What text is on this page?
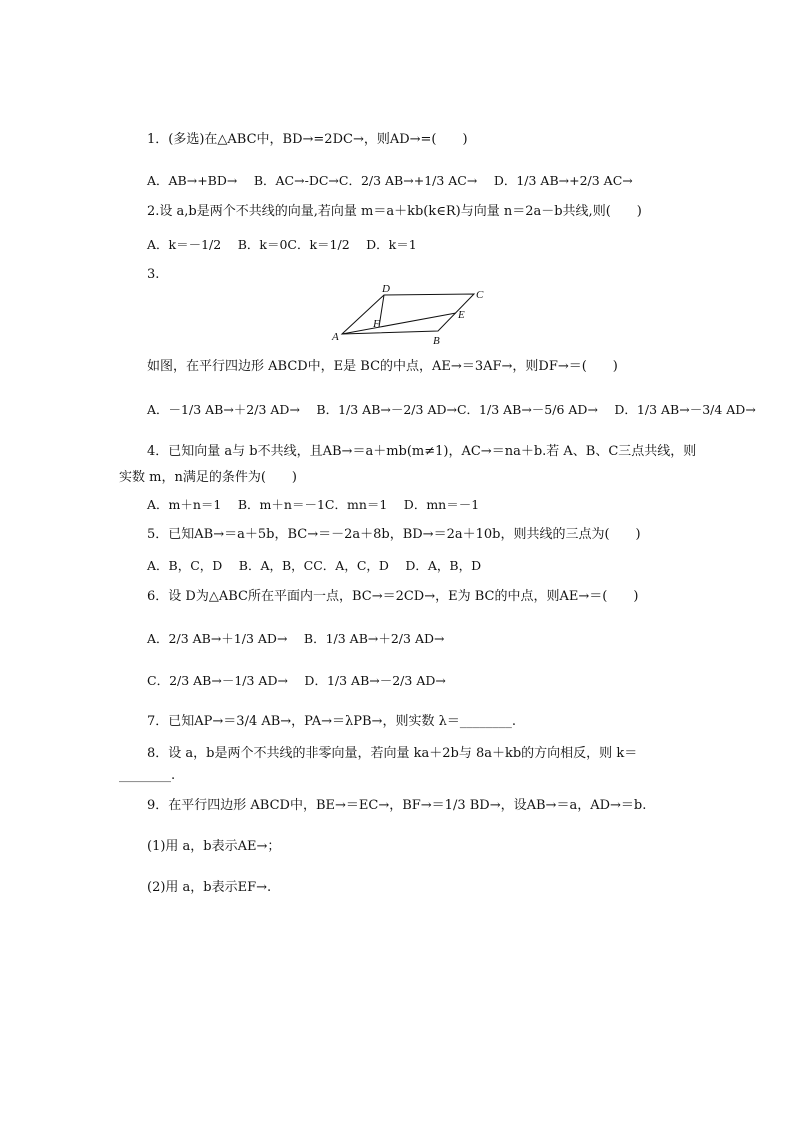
1．(多选)在△ABC中，BD→=2DC→，则AD→=(　　)
A．AB→+BD→　 B．AC→-DC→C．2/3 AB→+1/3 AC→　 D．1/3 AB→+2/3 AC→
2.设 a,b是两个不共线的向量,若向量 m＝a＋kb(k∈R)与向量 n＝2a－b共线,则(　　)
A．k＝－1/2　 B．k＝0C．k＝1/2　 D．k＝1
3.
A	B
C
D
E
F
如图，在平行四边形 ABCD中，E是 BC的中点，AE→＝3AF→，则DF→＝(　　)
A．－1/3 AB→＋2/3 AD→　 B．1/3 AB→－2/3 AD→C．1/3 AB→－5/6 AD→　 D．1/3 AB→－3/4 AD→
4．已知向量 a与 b不共线，且AB→＝a＋mb(m≠1)，AC→＝na＋b.若 A、B、C三点共线，则
实数 m，n满足的条件为(　　)
A．m＋n＝1　 B．m＋n＝－1C．mn＝1　 D．mn＝－1
5．已知AB→＝a＋5b，BC→＝－2a＋8b，BD→＝2a＋10b，则共线的三点为(　　)
A．B，C，D　 B．A，B，CC．A，C，D　 D．A，B，D
6．设 D为△ABC所在平面内一点，BC→＝2CD→，E为 BC的中点，则AE→＝(　　)
A．2/3 AB→＋1/3 AD→　 B．1/3 AB→＋2/3 AD→
C．2/3 AB→－1/3 AD→　 D．1/3 AB→－2/3 AD→
7．已知AP→＝3/4 AB→，PA→＝λPB→，则实数 λ＝________.
8．设 a，b是两个不共线的非零向量，若向量 ka＋2b与 8a＋kb的方向相反，则 k＝
________.
9．在平行四边形 ABCD中，BE→＝EC→，BF→＝1/3 BD→，设AB→＝a，AD→＝b.
(1)用 a，b表示AE→；
(2)用 a，b表示EF→.
